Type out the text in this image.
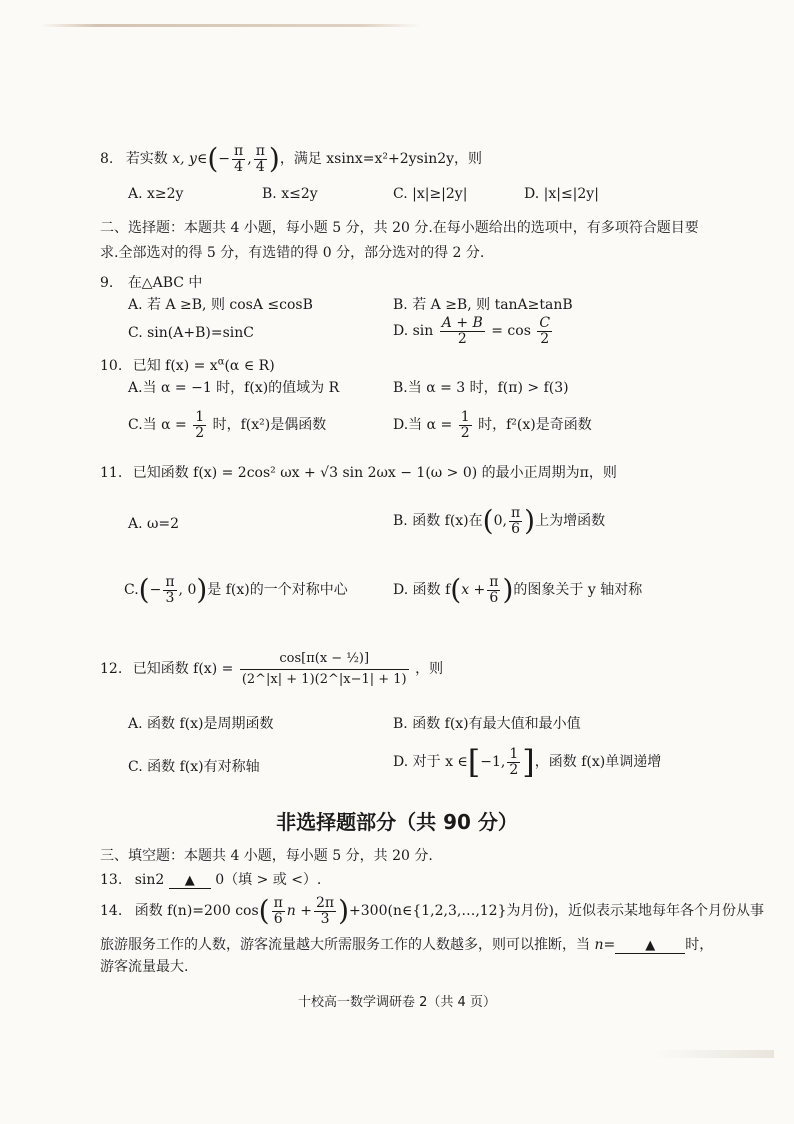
8. 若实数 x, y∈(− $\frac{\pi}{4}$ , $\frac{\pi}{4}$ )，满足 xsinx=x²+2ysin2y，则
A. x≥2y	B. x≤2y	C. |x|≥|2y|	D. |x|≤|2y|
二、选择题：本题共 4 小题，每小题 5 分，共 20 分.在每小题给出的选项中，有多项符合题目要
求.全部选对的得 5 分，有选错的得 0 分，部分选对的得 2 分.
9. 在△ABC 中
A. 若 A ≥B, 则 cosA ≤cosB	B. 若 A ≥B, 则 tanA≥tanB
C. sin(A+B)=sinC	D. $\sin \frac{A + B}{2} = \cos \frac{C}{2}$
10. 已知 $f(x) = x^\alpha(\alpha$ ∈ R)
A.当 α = −1 时，f(x)的值域为 R	B.当 α = 3 时，f(π) > f(3)
C.当 $\alpha = \frac{1}{2}$ 时，f(x²)是偶函数	D.当 $\alpha = \frac{1}{2}$ 时，f²(x)是奇函数
11. 已知函数 f(x) = 2cos² ωx + √3 sin 2ωx − 1(ω > 0) 的最小正周期为π，则
A. ω=2	B. 函数 f(x)在(0, $\frac{\pi}{6}$ )上为增函数
$C.(- \frac{\pi}{3}$ , 0)是 f(x)的一个对称中心	D. 函数 $f(x + \frac{\pi}{6}$ )的图象关于 y 轴对称
12. 已知函数 $f(x) = \frac{\text{cos[π(x − ½)]}}{(2\^{}|x| + 1)(2\^{}|x-1| + 1)}$ ，则
A. 函数 f(x)是周期函数	B. 函数 f(x)有最大值和最小值
C. 函数 f(x)有对称轴	D. 对于 x ∈[−1, $\frac{1}{2}$ ]，函数 f(x)单调递增
非选择题部分（共 90 分）
三、填空题：本题共 4 小题，每小题 5 分，共 20 分.
13. sin2 ▲ 0（填 > 或 <）.
14. 函数 f(n)=200 $\cos( \frac{\pi}{6}$ $n + \frac{2\pi}{3}$ )+300(n∈{1,2,3,…,12}为月份)，近似表示某地每年各个月份从事
旅游服务工作的人数，游客流量越大所需服务工作的人数越多，则可以推断，当 n= ▲ 时，
游客流量最大.
十校高一数学调研卷 2（共 4 页）
